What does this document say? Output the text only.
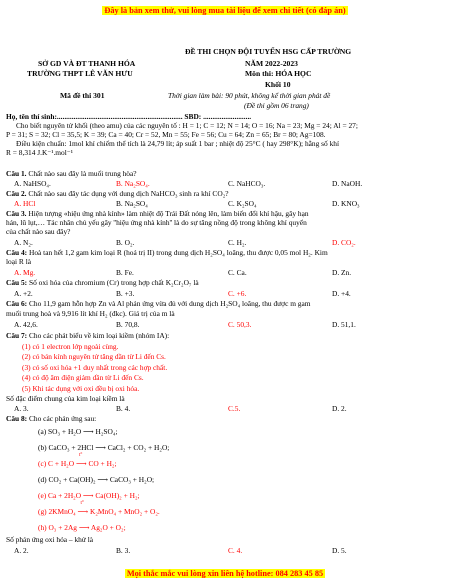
Đây là bản xem thử, vui lòng mua tài liệu để xem chi tiết (có đáp án)
ĐỀ THI CHỌN ĐỘI TUYỂN HSG CẤP TRƯỜNG
SỞ GD VÀ ĐT THANH HÓA	NĂM 2022-2023
TRƯỜNG THPT LÊ VĂN HƯU	Môn thi: HÓA HỌC
Khối 10
Mã đề thi 301	Thời gian làm bài: 90 phút, không kể thời gian phát đề
(Đề thi gồm 06 trang)
Họ, tên thí sinh:.................................................................... SBD: ..........................
Cho biết nguyên tử khối (theo amu) của các nguyên tố : H = 1; C = 12; N = 14; O = 16; Na = 23; Mg = 24; Al = 27;
P = 31; S = 32; Cl = 35,5; K = 39; Ca = 40; Cr = 52, Mn = 55; Fe = 56; Cu = 64; Zn = 65; Br = 80; Ag=108.
Điều kiện chuẩn: 1mol khí chiếm thể tích là 24,79 lít; áp suất 1 bar ; nhiệt độ 25°C ( hay 298°K); hằng số khí
R = 8,314 J.K⁻¹.mol⁻¹
Câu 1. Chất nào sau đây là muối trung hòa?
A. NaHSO₄.	B. Na₂SO₄.	C. NaHCO₃.	D. NaOH.
Câu 2. Chất nào sau đây tác dụng với dung dịch NaHCO₃ sinh ra khí CO₂?
A. HCl	B. Na₂SO₄	C. K₂SO₄	D. KNO₃
Câu 3. Hiện tượng «hiệu ứng nhà kính» làm nhiệt độ Trái Đất nóng lên, làm biến đổi khí hậu, gây hạn
hán, lũ lụt,… Tác nhân chủ yếu gây ''hiệu ứng nhà kính'' là do sự tăng nồng độ trong không khí quyển
của chất nào sau đây?
A. N₂.	B. O₂.	C. H₂.	D. CO₂.
Câu 4: Hoà tan hết 1,2 gam kim loại R (hoá trị II) trong dung dịch H₂SO₄ loãng, thu được 0,05 mol H₂. Kim
loại R là
A. Mg.	B. Fe.	C. Ca.	D. Zn.
Câu 5: Số oxi hóa của chromium (Cr) trong hợp chất K₂Cr₂O₇ là
A. +2.	B. +3.	C. +6.	D. +4.
Câu 6: Cho 11,9 gam hỗn hợp Zn và Al phản ứng vừa đủ với dung dịch H₂SO₄ loãng, thu được m gam
muối trung hoà và 9,916 lít khí H₂ (đkc). Giá trị của m là
A. 42,6.	B. 70,8.	C. 50,3.	D. 51,1.
Câu 7: Cho các phát biểu về kim loại kiềm (nhóm IA):
(1) có 1 electron lớp ngoài cùng.
(2) có bán kính nguyên tử tăng dần từ Li đến Cs.
(3) có số oxi hóa +1 duy nhất trong các hợp chất.
(4) có độ âm điện giảm dần từ Li đến Cs.
(5) Khi tác dụng với oxi đều bị oxi hóa.
Số đặc điểm chung của kim loại kiềm là
A. 3.	B. 4.	C.5.	D. 2.
Câu 8: Cho các phản ứng sau:
(a) SO₃ + H₂O ⟶ H₂SO₄;
(b) CaCO₃ + 2HCl ⟶ CaCl₂ + CO₂ + H₂O;
(c) C + H₂O
t°
⟶ CO + H₂;
(d) CO₂ + Ca(OH)₂ ⟶ CaCO₃ + H₂O;
(e) Ca + 2H₂O ⟶ Ca(OH)₂ + H₂;
(g) 2KMnO₄
t°
⟶ K₂MnO₄ + MnO₂ + O₂.
(h) O₃ + 2Ag ⟶ Ag₂O + O₂;
Số phản ứng oxi hóa – khử là
A. 2.	B. 3.	C. 4.	D. 5.
Mọi thắc mắc vui lòng xin liên hệ hotline: 084 283 45 85
